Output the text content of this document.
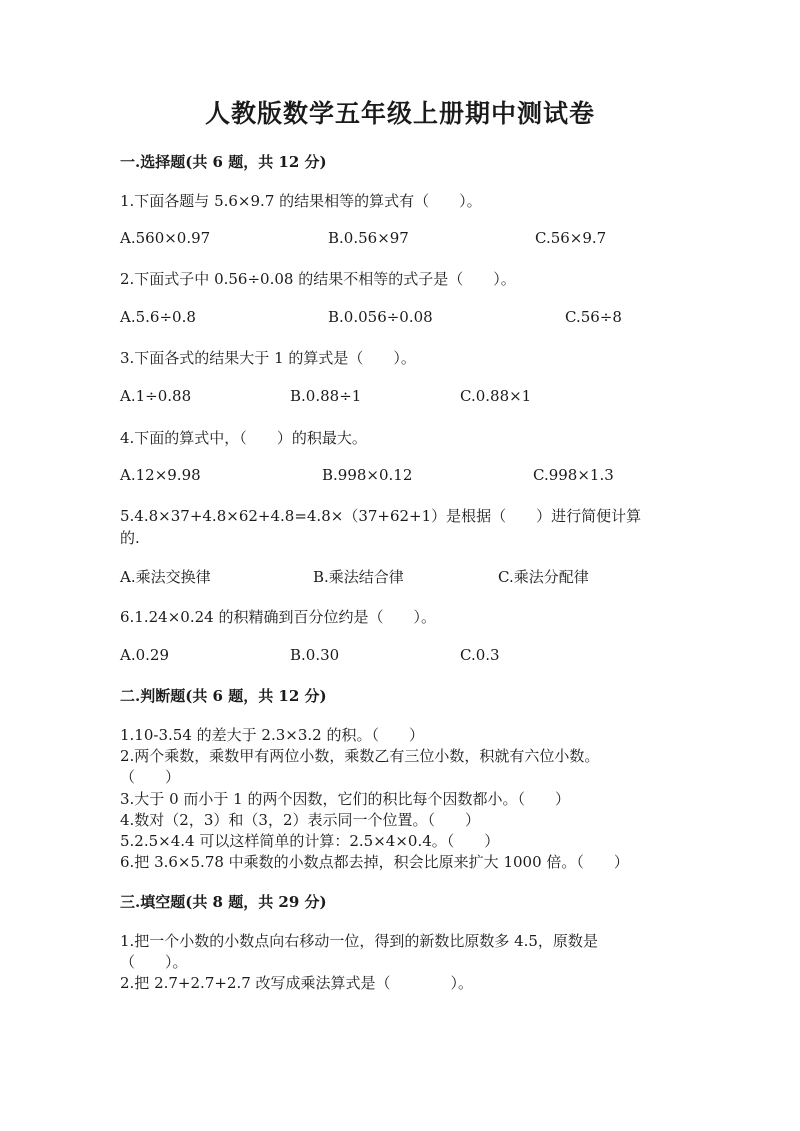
人教版数学五年级上册期中测试卷
一.选择题(共 6 题，共 12 分)
1.下面各题与 5.6×9.7 的结果相等的算式有（　　）。
A.560×0.97	B.0.56×97	C.56×9.7
2.下面式子中 0.56÷0.08 的结果不相等的式子是（　　）。
A.5.6÷0.8	B.0.056÷0.08	C.56÷8
3.下面各式的结果大于 1 的算式是（　　）。
A.1÷0.88	B.0.88÷1	C.0.88×1
4.下面的算式中，（　　）的积最大。
A.12×9.98	B.998×0.12	C.998×1.3
5.4.8×37+4.8×62+4.8=4.8×（37+62+1）是根据（　　）进行简便计算
的.
A.乘法交换律	B.乘法结合律	C.乘法分配律
6.1.24×0.24 的积精确到百分位约是（　　）。
A.0.29	B.0.30	C.0.3
二.判断题(共 6 题，共 12 分)
1.10-3.54 的差大于 2.3×3.2 的积。（　　）
2.两个乘数，乘数甲有两位小数，乘数乙有三位小数，积就有六位小数。
（　　）
3.大于 0 而小于 1 的两个因数，它们的积比每个因数都小。（　　）
4.数对（2，3）和（3，2）表示同一个位置。（　　）
5.2.5×4.4 可以这样简单的计算：2.5×4×0.4。（　　）
6.把 3.6×5.78 中乘数的小数点都去掉，积会比原来扩大 1000 倍。（　　）
三.填空题(共 8 题，共 29 分)
1.把一个小数的小数点向右移动一位，得到的新数比原数多 4.5，原数是
（　　）。
2.把 2.7+2.7+2.7 改写成乘法算式是（　　　　）。
